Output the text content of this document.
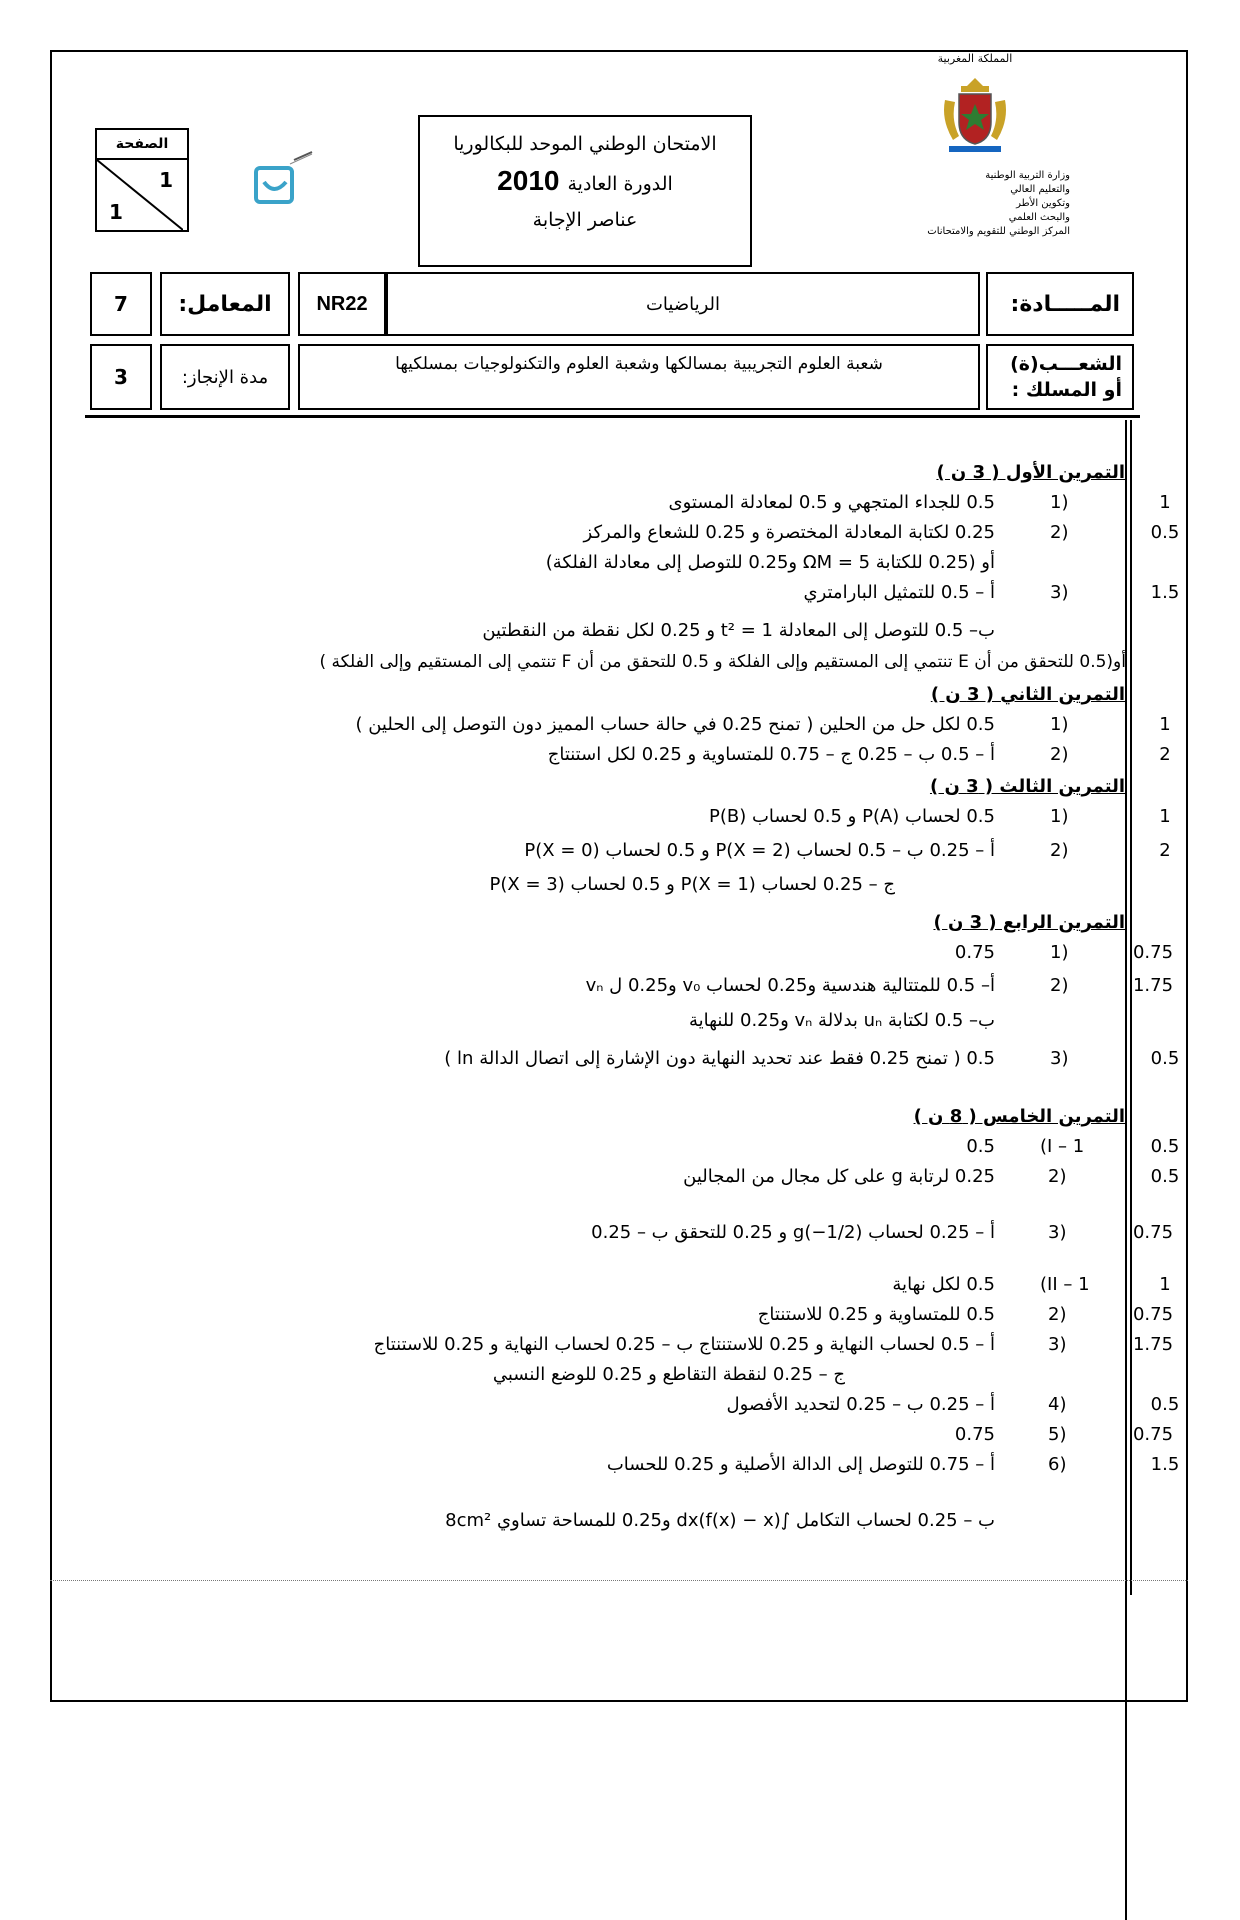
المملكة المغربية
وزارة التربية الوطنية
والتعليم العالي
وتكوين الأطر
والبحث العلمي
المركز الوطني للتقويم والامتحانات
الامتحان الوطني الموحد للبكالوريا
الدورة العادية2010
عناصر الإجابة
الصفحة
1
1
7	المعامل:	NR22	الرياضيات	المـــــادة:
3	مدة الإنجاز:
شعبة العلوم التجريبية بمسالكها وشعبة العلوم والتكنولوجيات بمسلكيها	الشعـــب(ة) أو المسلك :
التمرين الأول ( 3 ن )
0.5 للجداء المتجهي و 0.5 لمعادلة المستوى	1)	1
0.25 لكتابة المعادلة المختصرة و 0.25 للشعاع والمركز	2)	0.5
أو (0.25 للكتابة ΩM = 5 و0.25 للتوصل إلى معادلة الفلكة)
أ – 0.5 للتمثيل البارامتري	3)	1.5
ب– 0.5 للتوصل إلى المعادلة t² = 1 و 0.25 لكل نقطة من النقطتين
أو(0.5 للتحقق من أن E تنتمي إلى المستقيم وإلى الفلكة و 0.5 للتحقق من أن F تنتمي إلى المستقيم وإلى الفلكة )
التمرين الثاني ( 3 ن )
0.5 لكل حل من الحلين ( تمنح 0.25 في حالة حساب المميز دون التوصل إلى الحلين )	1)	1
أ – 0.5 ب – 0.25 ج – 0.75 للمتساوية و 0.25 لكل استنتاج	2)	2
التمرين الثالث ( 3 ن )
0.5 لحساب P(A) و 0.5 لحساب P(B)	1)	1
أ – 0.25 ب – 0.5 لحساب P(X = 2) و 0.5 لحساب P(X = 0)	2)	2
ج – 0.25 لحساب P(X = 1) و 0.5 لحساب P(X = 3)
التمرين الرابع ( 3 ن )
0.75	1)	0.75
أ– 0.5 للمتتالية هندسية و0.25 لحساب v₀ و0.25 ل vₙ	2)	1.75
ب– 0.5 لكتابة uₙ بدلالة vₙ و0.25 للنهاية
0.5 ( تمنح 0.25 فقط عند تحديد النهاية دون الإشارة إلى اتصال الدالة ln )	3)	0.5
التمرين الخامس ( 8 ن )
0.5	I – 1)	0.5
0.25 لرتابة g على كل مجال من المجالين	2)	0.5
أ – 0.25 لحساب g(−1/2) و 0.25 للتحقق ب – 0.25	3)	0.75
0.5 لكل نهاية	II – 1)	1
0.5 للمتساوية و 0.25 للاستنتاج	2)	0.75
أ – 0.5 لحساب النهاية و 0.25 للاستنتاج ب – 0.25 لحساب النهاية و 0.25 للاستنتاج	3)	1.75
ج – 0.25 لنقطة التقاطع و 0.25 للوضع النسبي
أ – 0.25 ب – 0.25 لتحديد الأفصول	4)	0.5
0.75	5)	0.75
أ – 0.75 للتوصل إلى الدالة الأصلية و 0.25 للحساب	6)	1.5
ب – 0.25 لحساب التكامل ∫(f(x) − x)dx و0.25 للمساحة تساوي 8cm²
